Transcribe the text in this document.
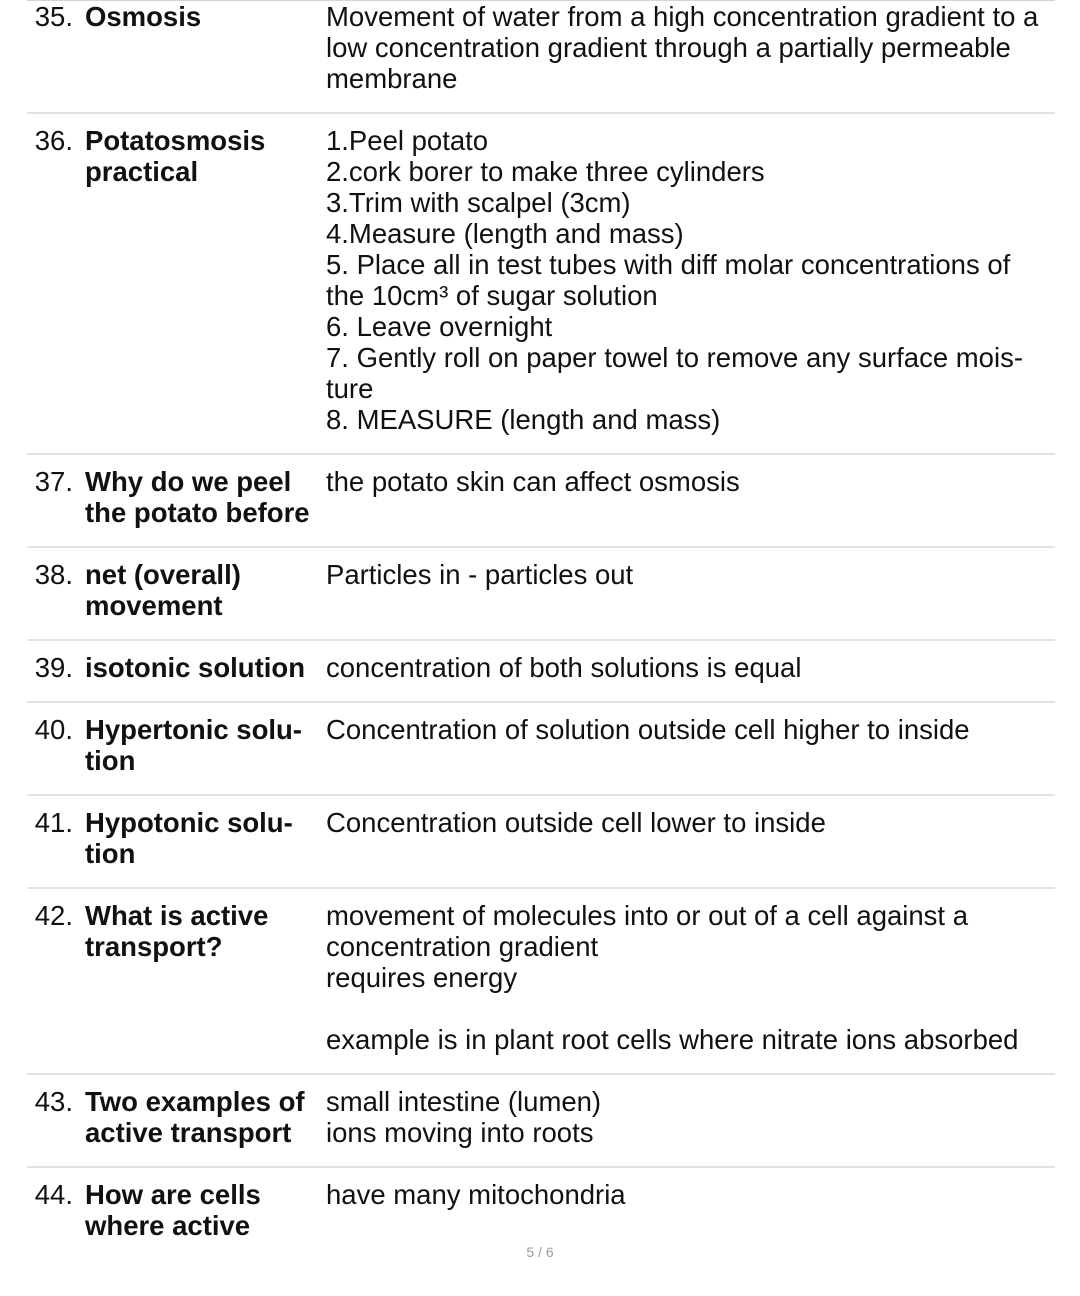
35. Osmosis	Movement of water from a high concentration gradient to a
low concentration gradient through a partially permeable
membrane
36. Potatosmosis
practical
1.Peel potato
2.cork borer to make three cylinders
3.Trim with scalpel (3cm)
4.Measure (length and mass)
5. Place all in test tubes with diff molar concentrations of
the 10cm³ of sugar solution
6. Leave overnight
7. Gently roll on paper towel to remove any surface mois-
ture
8. MEASURE (length and mass)
37. Why do we peel
the potato before
the potato skin can affect osmosis
38. net (overall)
movement
Particles in - particles out
39. isotonic solution concentration of both solutions is equal
40. Hypertonic solu-
tion
Concentration of solution outside cell higher to inside
41. Hypotonic solu-
tion
Concentration outside cell lower to inside
42. What is active
transport?
movement of molecules into or out of a cell against a
concentration gradient
requires energy
example is in plant root cells where nitrate ions absorbed
43. Two examples of
active transport
small intestine (lumen)
ions moving into roots
44. How are cells
where active
have many mitochondria
5 / 6
